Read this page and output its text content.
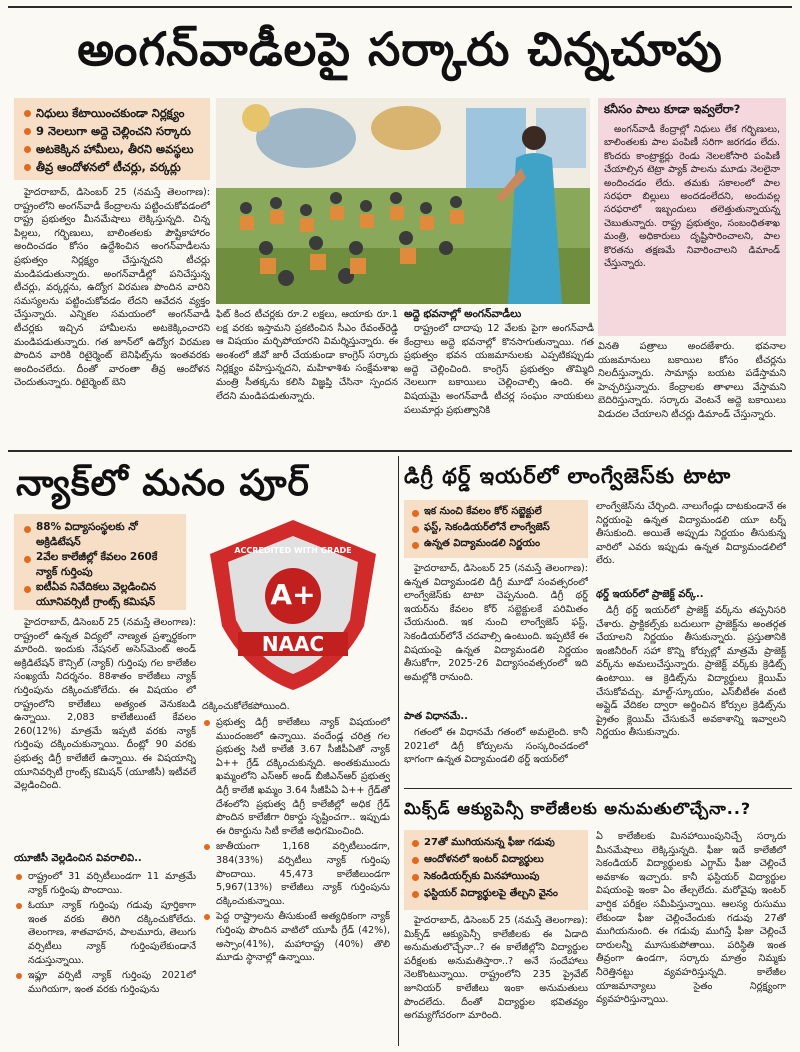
అంగన్‌వాడీలపై సర్కారు చిన్నచూపు
నిధులు కేటాయించకుండా నిర్లక్ష్యం
9 నెలలుగా అద్దె చెల్లించని సర్కారు
అటకెక్కిన హామీలు, తీరని అవస్థలు
తీవ్ర ఆందోళనలో టీచర్లు, వర్కర్లు
కనీసం పాలు కూడా ఇవ్వలేరా?
అంగన్‌వాడీ కేంద్రాల్లో నిధులు లేక గర్భిణులు, బాలింతలకు పాల పంపిణీ సరిగా జరగడం లేదు. కొందరు కాంట్రాక్టర్లు రెండు నెలలకోసారి పంపిణీ చేయాల్సిన టెట్రా ప్యాక్ పాలను మూడు నెలలైనా అందించడం లేదు. తమకు సకాలంలో పాల సరఫరా బిల్లులు అందడంలేదని, అందువల్ల సరఫరాలో ఇబ్బందులు తలెత్తుతున్నాయన్న చెబుతున్నారు. రాష్ట్ర ప్రభుత్వం, సంబంధితశాఖ మంత్రి, అధికారులు దృష్టిసారించాలని, పాల కొరతను తక్షణమే నివారించాలని డిమాండ్ చేస్తున్నారు.
హైదరాబాద్, డిసెంబర్ 25 (నమస్తే తెలంగాణ): రాష్ట్రంలోని అంగన్‌వాడీ కేంద్రాలను పట్టించుకోవడంలో రాష్ట్ర ప్రభుత్వం మీనమేషాలు లెక్కిస్తున్నది. చిన్న పిల్లలు, గర్భిణులు, బాలింతలకు పౌష్టికాహారం అందించడం కోసం ఉద్దేశించిన అంగన్‌వాడీలను ప్రభుత్వం నిర్లక్ష్యం చేస్తున్నదని టీచర్లు మండిపడుతున్నారు. అంగన్‌వాడీల్లో పనిచేస్తున్న టీచర్లు, వర్కర్లను, ఉద్యోగ విరమణ పొందిన వారిని సమస్యలను పట్టించుకోవడం లేదని ఆవేదన వ్యక్తం చేస్తున్నారు. ఎన్నికల సమయంలో అంగన్‌వాడీ టీచర్లకు ఇచ్చిన హామీలను అటకెక్కించారని మండిపడుతున్నారు. గత జూన్‌లో ఉద్యోగ విరమణ పొందిన వారికి రిటైర్మెంట్ బెనిఫిట్స్‌ను ఇంతవరకు అందించలేదు. దీంతో వారంతా తీవ్ర ఆందోళన చెందుతున్నారు. రిటైర్మెంట్ బెని
ఫిట్ కింద టీచర్లకు రూ.2 లక్షలు, ఆయాకు రూ.1 లక్ష వరకు ఇస్తామని ప్రకటించిన సీఎం రేవంత్‌రెడ్డి ఆ విషయం మర్చిపోయారని విమర్శిస్తున్నారు. ఈ అంశంలో జీవో జారీ చేయకుండా కాంగ్రెస్ సర్కారు నిర్లక్ష్యం వహిస్తున్నదని, మహిళాశిశు సంక్షేమశాఖ మంత్రి సీతక్కను కలిసి విజ్ఞప్తి చేసినా స్పందన లేదని మండిపడుతున్నారు.
అద్దె భవనాల్లో అంగన్‌వాడీలు
రాష్ట్రంలో దాదాపు 12 వేలకు పైగా అంగన్‌వాడీ కేంద్రాలు అద్దె భవనాల్లో కొనసాగుతున్నాయి. గత ప్రభుత్వం భవన యజమానులకు ఎప్పటికప్పుడు అద్దె చెల్లించింది. కాంగ్రెస్ ప్రభుత్వం తొమ్మిది నెలలుగా బకాయిలు చెల్లించాల్సి ఉంది. ఈ విషయమై అంగన్‌వాడీ టీచర్ల సంఘం నాయకులు పలుమార్లు ప్రభుత్వానికి
వినతి పత్రాలు అందజేశారు. భవనాల యజమానులు బకాయిల కోసం టీచర్లను నిలదీస్తున్నారు. సామాన్లు బయట పడేస్తామని హెచ్చరిస్తున్నారు. కేంద్రాలకు తాళాలు వేస్తామని బెదిరిస్తున్నారు. సర్కారు వెంటనే అద్దె బకాయిలు విడుదల చేయాలని టీచర్లు డిమాండ్ చేస్తున్నారు.
న్యాక్‌లో మనం పూర్
88% విద్యాసంస్థలకు నో అక్రిడిటేషన్
2వేల కాలేజీల్లో కేవలం 260కే న్యాక్ గుర్తింపు
ఐటీఏవ నివేదికలు వెల్లడించిన యూనివర్సిటీ గ్రాంట్స్ కమిషన్
ACCREDITED WITH GRADE
A+
NAAC
హైదరాబాద్, డిసెంబర్ 25 (నమస్తే తెలంగాణ): రాష్ట్రంలో ఉన్నత విద్యలో నాణ్యత ప్రశ్నార్థకంగా మారింది. ఇందుకు నేషనల్ అసెస్‌మెంట్ అండ్ అక్రిడిటేషన్ కౌన్సిల్ (న్యాక్) గుర్తింపు గల కాలేజీల సంఖ్యయే నిదర్శనం. 88శాతం కాలేజీలు న్యాక్ గుర్తింపును దక్కించుకోలేదు. ఈ విషయం లో రాష్ట్రంలోని కాలేజీలు అత్యంత వెనుకబడి ఉన్నాయి. 2,083 కాలేజీలుంటే కేవలం 260(12%) మాత్రమే ఇప్పటి వరకు న్యాక్ గుర్తింపు దక్కించుకున్నాయి. దీంట్లో 90 వరకు ప్రభుత్వ డిగ్రీ కాలేజీలే ఉన్నాయి. ఈ విషయాన్ని యూనివర్సిటీ గ్రాంట్స్ కమిషన్ (యూజీసీ) ఇటీవలే వెల్లడించింది.
యూజీసీ వెల్లడించిన వివరాలివి..
రాష్ట్రంలో 31 వర్సిటీలుండగా 11 మాత్రమే న్యాక్ గుర్తింపు పొందాయి.
ఓయూ న్యాక్ గుర్తింపు గడువు పూర్తికాగా ఇంత వరకు తిరిగి దక్కించుకోలేదు. తెలంగాణ, శాతవాహన, పాలమూరు, తెలుగు వర్సిటీలు న్యాక్ గుర్తింపులేకుండానే నడుస్తున్నాయి.
ఇఫ్లూ వర్సిటీ న్యాక్ గుర్తింపు 2021లో ముగియగా, ఇంత వరకు గుర్తింపును
దక్కించుకోలేకపోయింది.
ప్రభుత్వ డిగ్రీ కాలేజీలు న్యాక్ విషయంలో ముందంజలో ఉన్నాయి. వందేండ్ల చరిత్ర గల ప్రభుత్వ సిటీ కాలేజీ 3.67 సీజీపీఏతో న్యాక్ ఏ++ గ్రేడ్ దక్కించుకున్నది. అంతకుముందు ఖమ్మంలోని ఎస్‌ఆర్ అండ్ బీజీఎన్‌ఆర్ ప్రభుత్వ డిగ్రీ కాలేజీ ఖమ్మం 3.64 సీజీపీఏ ఏ++ గ్రేడ్‌తో దేశంలోని ప్రభుత్వ డిగ్రీ కాలేజీల్లో అధిక గ్రేడ్ పొందిన కాలేజీగా రికార్డు సృష్టించగా.. ఇప్పుడు ఈ రికార్డును సిటీ కాలేజీ అధిగమించింది.
జాతీయంగా 1,168 వర్సిటీలుండగా, 384(33%) వర్సిటీలు న్యాక్ గుర్తింపు పొందాయి. 45,473 కాలేజీలుండగా 5,967(13%) కాలేజీలు న్యాక్ గుర్తింపును దక్కించుకున్నాయి.
పెద్ద రాష్ట్రాలను తీసుకుంటే అత్యధికంగా న్యాక్ గుర్తింపు పొందిన వాటిలో యూపీ గ్రేడ్ (42%), అస్సాం(41%), మహారాష్ట్ర (40%) తొలి మూడు స్థానాల్లో ఉన్నాయి.
డిగ్రీ థర్డ్ ఇయర్‌లో లాంగ్వేజెస్‌కు టాటా
ఇక నుంచి కేవలం కోర్ సబ్జెక్టులే
ఫస్ట్, సెకండియర్‌లోనే లాంగ్వేజెస్
ఉన్నత విద్యామండలి నిర్ణయం
హైదరాబాద్, డిసెంబర్ 25 (నమస్తే తెలంగాణ): ఉన్నత విద్యామండలి డిగ్రీ మూడో సంవత్సరంలో లాంగ్వేజెస్‌కు టాటా చెప్పనుంది. డిగ్రీ థర్డ్ ఇయర్‌ను కేవలం కోర్ సబ్జెక్టులకే పరిమితం చేయనుంది. ఇక నుంచి లాంగ్వేజెస్ ఫస్ట్, సెకండియర్‌లోనే చదవాల్సి ఉంటుంది. ఇప్పటికే ఈ విషయంపై ఉన్నత విద్యామండలి నిర్ణయం తీసుకోగా, 2025-26 విద్యాసంవత్సరంలో ఇది అమల్లోకి రానుంది.
పాత విధానమే..
గతంలో ఈ విధానమే గతంలో అమలైంది. కానీ 2021లో డిగ్రీ కోర్సులను సంస్కరించడంలో భాగంగా ఉన్నత విద్యామండలి థర్డ్ ఇయర్‌లో
లాంగ్వేజెస్‌ను చేర్చింది. నాలుగేండ్లు దాటకుండానే ఈ నిర్ణయంపై ఉన్నత విద్యామండలి యూ టర్న్ తీసుకుంది. అయితే అప్పుడు నిర్ణయం తీసుకున్న వారిలో ఎవరు ఇప్పుడు ఉన్నత విద్యామండలిలో లేరు.
థర్డ్ ఇయర్‌లో ప్రాజెక్ట్ వర్క్..
డిగ్రీ థర్డ్ ఇయర్‌లో ప్రాజెక్ట్ వర్క్‌ను తప్పనిసరి చేశారు. ప్రాక్టికల్స్‌కు బదులుగా ప్రాజెక్ట్‌ను అంతర్గత చేయాలని నిర్ణయం తీసుకున్నారు. ప్రస్తుతానికి ఇంజినీరింగ్ సహా కొన్ని కోర్సుల్లో మాత్రమే ప్రాజెక్ట్ వర్క్‌ను అమలుచేస్తున్నారు. ప్రాజెక్ట్ వర్క్‌కు క్రెడిట్స్ ఉంటాయి. ఆ క్రెడిట్స్‌ను విద్యార్థులు క్లెయిమ్ చేసుకోవచ్చు. మాల్ట్-స్కూయం, ఎస్‌బీటీఈ వంటి అప్లైడ్ వేదికల ద్వారా అర్జించిన కోర్సుల క్రెడిట్స్‌ను ప్రైతం క్లెయిమ్ చేసుకునే అవకాశాన్ని ఇవ్వాలని నిర్ణయం తీసుకున్నారు.
మిక్స్‌డ్ ఆక్యుపెన్సీ కాలేజీలకు అనుమతులొచ్చేనా..?
27తో ముగియనున్న ఫీజు గడువు
ఆందోళనలో ఇంటర్ విద్యార్థులు
సెకండియర్స్‌కు మినహాయింపు
ఫస్టియర్ విద్యార్థులపై తేల్చని వైనం
హైదరాబాద్, డిసెంబర్ 25 (నమస్తే తెలంగాణ): మిక్స్‌డ్ ఆక్యుపెన్సీ కాలేజీలకు ఈ ఏడాది అనుమతులొచ్చేనా..? ఈ కాలేజీల్లోని విద్యార్థుల పరీక్షలకు అనుమతిస్తారా..? అనే సందేహాలు నెలకొంటున్నాయి. రాష్ట్రంలోని 235 ప్రైవేట్ జూనియర్ కాలేజీలు ఇంకా అనుమతులు పొందలేదు. దీంతో విద్యార్థుల భవితవ్యం అగమ్యగోచరంగా మారింది.
ఏ కాలేజీలకు మినహాయింపునిచ్చే సర్కారు మీనమేషాలు లెక్కిస్తున్నది. ఫీజు ఇదే కాలేజీలో సెకండియర్ విద్యార్థులకు ఎగ్జామ్ ఫీజు చెల్లించే అవకాశం ఇచ్చారు. కానీ ఫస్టియర్ విద్యార్థుల విషయంపై ఇంకా ఏం తేల్చలేదు. మరోవైపు ఇంటర్ వార్షిక పరీక్షల సమీపిస్తున్నాయి. ఆలస్య రుసుము లేకుండా ఫీజు చెల్లించేందుకు గడువు 27తో ముగియనుంది. ఈ గడువు ముగిస్తే ఫీజు చెల్లించే దారులన్నీ మూసుకుపోతాయి. పరిస్థితి ఇంత తీవ్రంగా ఉండగా, సర్కారు మాత్రం నిమ్మకు నీరెత్తినట్టు వ్యవహరిస్తున్నది. కాలేజీల యాజమాన్యాలు సైతం నిర్లక్ష్యంగా వ్యవహరిస్తున్నాయి.
